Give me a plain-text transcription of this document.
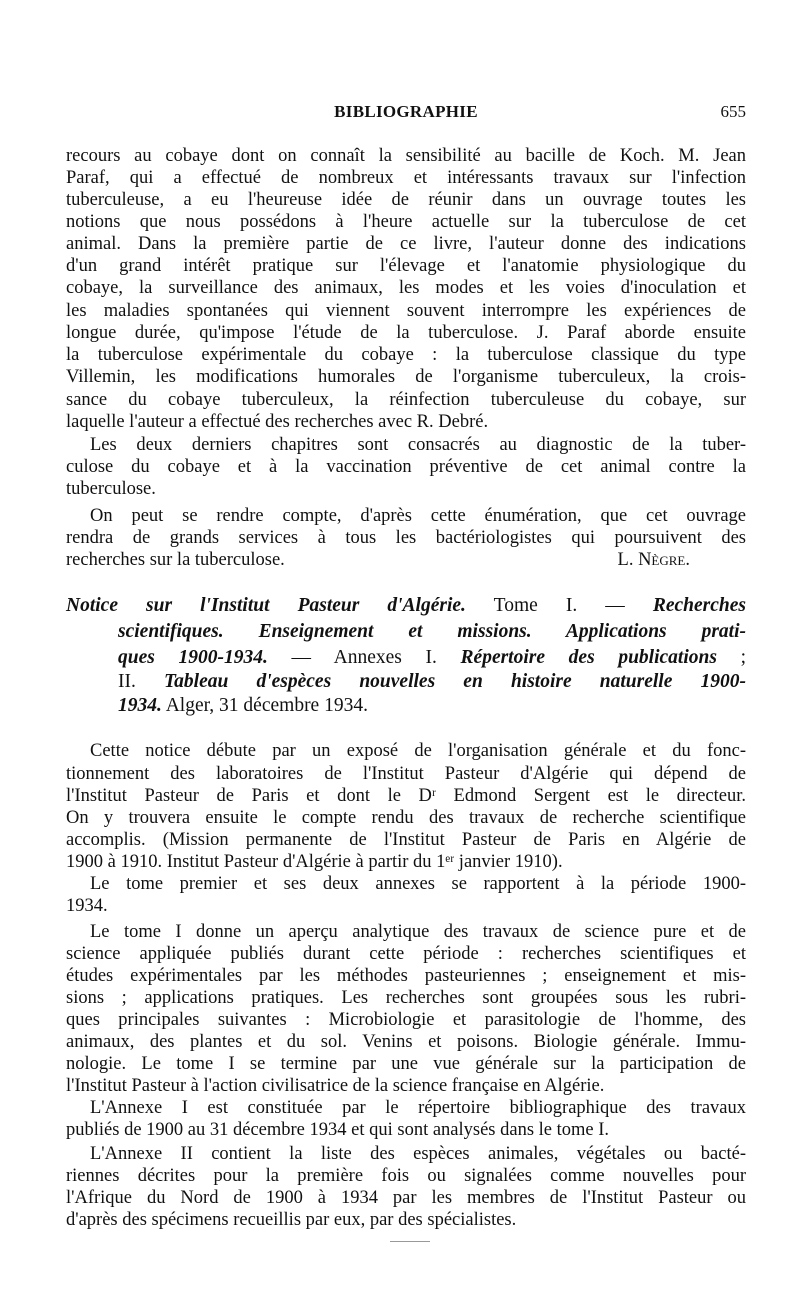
BIBLIOGRAPHIE	655

recours au cobaye dont on connaît la sensibilité au bacille de Koch. M. Jean

Paraf, qui a effectué de nombreux et intéressants travaux sur l'infection

tuberculeuse, a eu l'heureuse idée de réunir dans un ouvrage toutes les

notions que nous possédons à l'heure actuelle sur la tuberculose de cet

animal. Dans la première partie de ce livre, l'auteur donne des indications

d'un grand intérêt pratique sur l'élevage et l'anatomie physiologique du

cobaye, la surveillance des animaux, les modes et les voies d'inoculation et

les maladies spontanées qui viennent souvent interrompre les expériences de

longue durée, qu'impose l'étude de la tuberculose. J. Paraf aborde ensuite

la tuberculose expérimentale du cobaye : la tuberculose classique du type

Villemin, les modifications humorales de l'organisme tuberculeux, la crois-

sance du cobaye tuberculeux, la réinfection tuberculeuse du cobaye, sur

laquelle l'auteur a effectué des recherches avec R. Debré.

Les deux derniers chapitres sont consacrés au diagnostic de la tuber-

culose du cobaye et à la vaccination préventive de cet animal contre la

tuberculose.

On peut se rendre compte, d'après cette énumération, que cet ouvrage

rendra de grands services à tous les bactériologistes qui poursuivent des

recherches sur la tuberculose.	L. Nègre.

Notice sur l'Institut Pasteur d'Algérie. Tome I. — Recherches

scientifiques. Enseignement et missions. Applications prati-

ques 1900-1934. — Annexes I. Répertoire des publications ;

II. Tableau d'espèces nouvelles en histoire naturelle 1900-

1934. Alger, 31 décembre 1934.

Cette notice débute par un exposé de l'organisation générale et du fonc-

tionnement des laboratoires de l'Institut Pasteur d'Algérie qui dépend de

l'Institut Pasteur de Paris et dont le Dʳ Edmond Sergent est le directeur.

On y trouvera ensuite le compte rendu des travaux de recherche scientifique

accomplis. (Mission permanente de l'Institut Pasteur de Paris en Algérie de

1900 à 1910. Institut Pasteur d'Algérie à partir du 1ᵉʳ janvier 1910).

Le tome premier et ses deux annexes se rapportent à la période 1900-

1934.

Le tome I donne un aperçu analytique des travaux de science pure et de

science appliquée publiés durant cette période : recherches scientifiques et

études expérimentales par les méthodes pasteuriennes ; enseignement et mis-

sions ; applications pratiques. Les recherches sont groupées sous les rubri-

ques principales suivantes : Microbiologie et parasitologie de l'homme, des

animaux, des plantes et du sol. Venins et poisons. Biologie générale. Immu-

nologie. Le tome I se termine par une vue générale sur la participation de

l'Institut Pasteur à l'action civilisatrice de la science française en Algérie.

L'Annexe I est constituée par le répertoire bibliographique des travaux

publiés de 1900 au 31 décembre 1934 et qui sont analysés dans le tome I.

L'Annexe II contient la liste des espèces animales, végétales ou bacté-

riennes décrites pour la première fois ou signalées comme nouvelles pour

l'Afrique du Nord de 1900 à 1934 par les membres de l'Institut Pasteur ou

d'après des spécimens recueillis par eux, par des spécialistes.
